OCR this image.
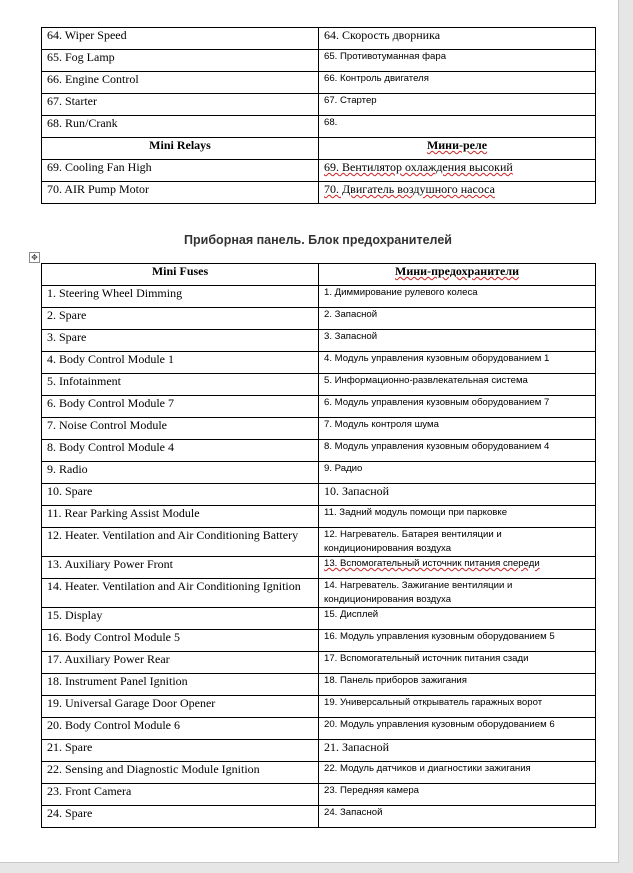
64. Wiper Speed	64. Скорость дворника
65. Fog Lamp	65. Противотуманная фара
66. Engine Control	66. Контроль двигателя
67. Starter	67. Стартер
68. Run/Crank	68.
Mini Relays	Мини-реле
69. Cooling Fan High	69. Вентилятор охлаждения высокий
70. AIR Pump Motor	70. Двигатель воздушного насоса
Приборная панель. Блок предохранителей
✥
Mini Fuses	Мини-предохранители
1. Steering Wheel Dimming	1. Диммирование рулевого колеса
2. Spare	2. Запасной
3. Spare	3. Запасной
4. Body Control Module 1	4. Модуль управления кузовным оборудованием 1
5. Infotainment	5. Информационно-развлекательная система
6. Body Control Module 7	6. Модуль управления кузовным оборудованием 7
7. Noise Control Module	7. Модуль контроля шума
8. Body Control Module 4	8. Модуль управления кузовным оборудованием 4
9. Radio	9. Радио
10. Spare	10. Запасной
11. Rear Parking Assist Module	11. Задний модуль помощи при парковке
12. Heater. Ventilation and Air Conditioning Battery	12. Нагреватель. Батарея вентиляции и кондиционирования воздуха
13. Auxiliary Power Front	13. Вспомогательный источник питания спереди
14. Heater. Ventilation and Air Conditioning Ignition	14. Нагреватель. Зажигание вентиляции и кондиционирования воздуха
15. Display	15. Дисплей
16. Body Control Module 5	16. Модуль управления кузовным оборудованием 5
17. Auxiliary Power Rear	17. Вспомогательный источник питания сзади
18. Instrument Panel Ignition	18. Панель приборов зажигания
19. Universal Garage Door Opener	19. Универсальный открыватель гаражных ворот
20. Body Control Module 6	20. Модуль управления кузовным оборудованием 6
21. Spare	21. Запасной
22. Sensing and Diagnostic Module Ignition	22. Модуль датчиков и диагностики зажигания
23. Front Camera	23. Передняя камера
24. Spare	24. Запасной
